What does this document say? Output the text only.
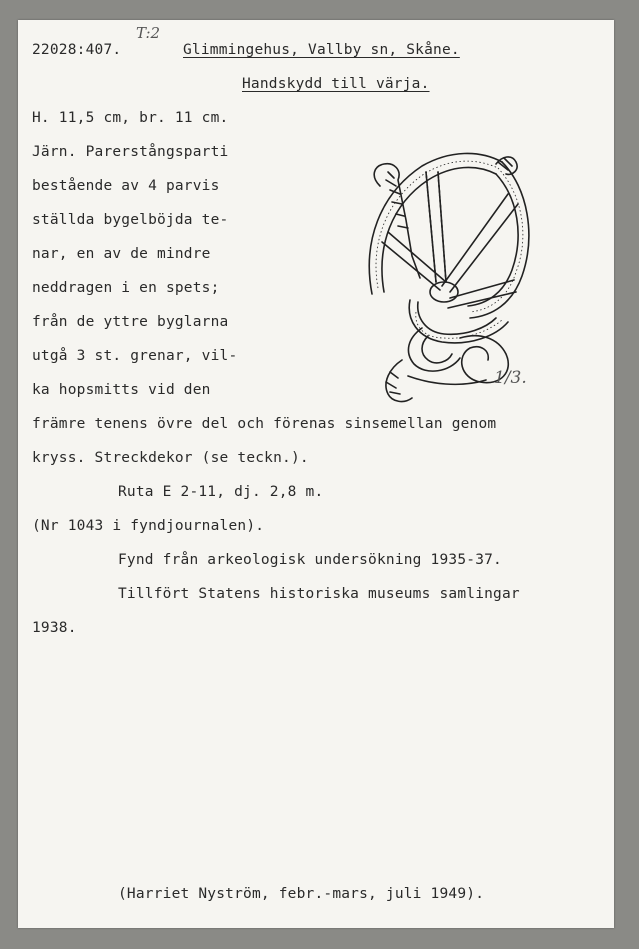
22028:407.

T:2

Glimmingehus, Vallby sn, Skåne.

Handskydd till värja.

H. 11,5 cm, br. 11 cm.

Järn. Parerstångsparti

bestående av 4 parvis

ställda bygelböjda te-

nar, en av de mindre

neddragen i en spets;

från de yttre byglarna

utgå 3 st. grenar, vil-

ka hopsmitts vid den

främre tenens övre del och förenas sinsemellan genom

kryss. Streckdekor (se teckn.).

Ruta E 2-11, dj. 2,8 m.

(Nr 1043 i fyndjournalen).

Fynd från arkeologisk undersökning 1935-37.

Tillfört Statens historiska museums samlingar

1938.

1/3.

(Harriet Nyström, febr.-mars, juli 1949).
